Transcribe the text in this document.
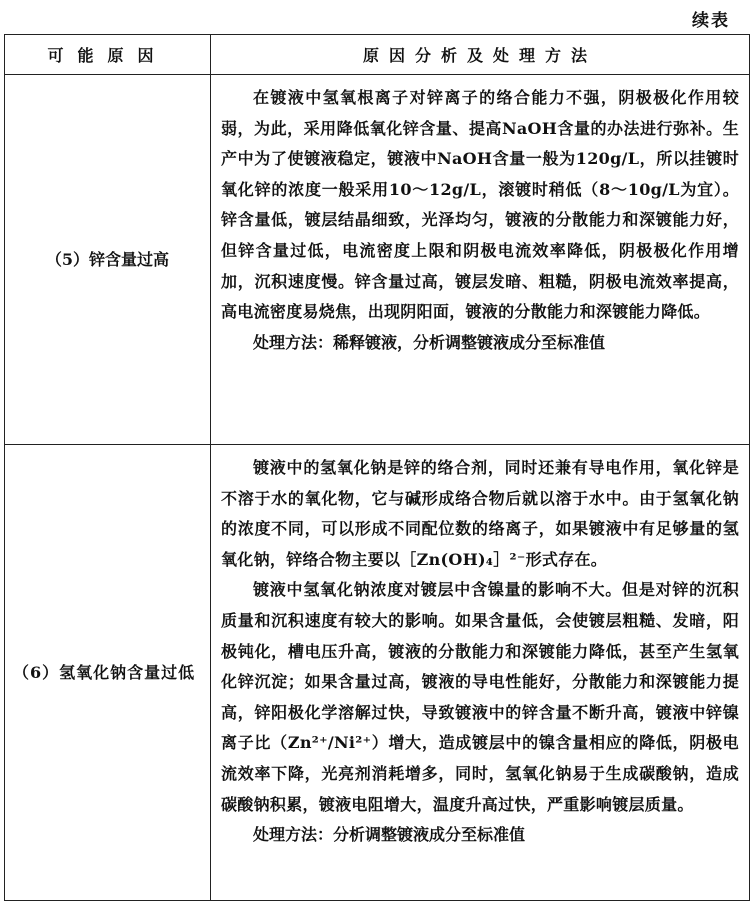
续表
可能原因	原因分析及处理方法
（5）锌含量过高	在镀液中氢氧根离子对锌离子的络合能力不强，阴极极化作用较弱，为此，采用降低氧化锌含量、提高NaOH含量的办法进行弥补。生产中为了使镀液稳定，镀液中NaOH含量一般为120g/L，所以挂镀时氧化锌的浓度一般采用10～12g/L，滚镀时稍低（8～10g/L为宜）。锌含量低，镀层结晶细致，光泽均匀，镀液的分散能力和深镀能力好，但锌含量过低，电流密度上限和阴极电流效率降低，阴极极化作用增加，沉积速度慢。锌含量过高，镀层发暗、粗糙，阴极电流效率提高，高电流密度易烧焦，出现阴阳面，镀液的分散能力和深镀能力降低。

处理方法：稀释镀液，分析调整镀液成分至标准值

（6）氢氧化钠含量过低	镀液中的氢氧化钠是锌的络合剂，同时还兼有导电作用，氧化锌是不溶于水的氧化物，它与碱形成络合物后就以溶于水中。由于氢氧化钠的浓度不同，可以形成不同配位数的络离子，如果镀液中有足够量的氢氧化钠，锌络合物主要以［Zn(OH)₄］²⁻形式存在。

镀液中氢氧化钠浓度对镀层中含镍量的影响不大。但是对锌的沉积质量和沉积速度有较大的影响。如果含量低，会使镀层粗糙、发暗，阳极钝化，槽电压升高，镀液的分散能力和深镀能力降低，甚至产生氢氧化锌沉淀；如果含量过高，镀液的导电性能好，分散能力和深镀能力提高，锌阳极化学溶解过快，导致镀液中的锌含量不断升高，镀液中锌镍离子比（Zn²⁺/Ni²⁺）增大，造成镀层中的镍含量相应的降低，阴极电流效率下降，光亮剂消耗增多，同时，氢氧化钠易于生成碳酸钠，造成碳酸钠积累，镀液电阻增大，温度升高过快，严重影响镀层质量。

处理方法：分析调整镀液成分至标准值
